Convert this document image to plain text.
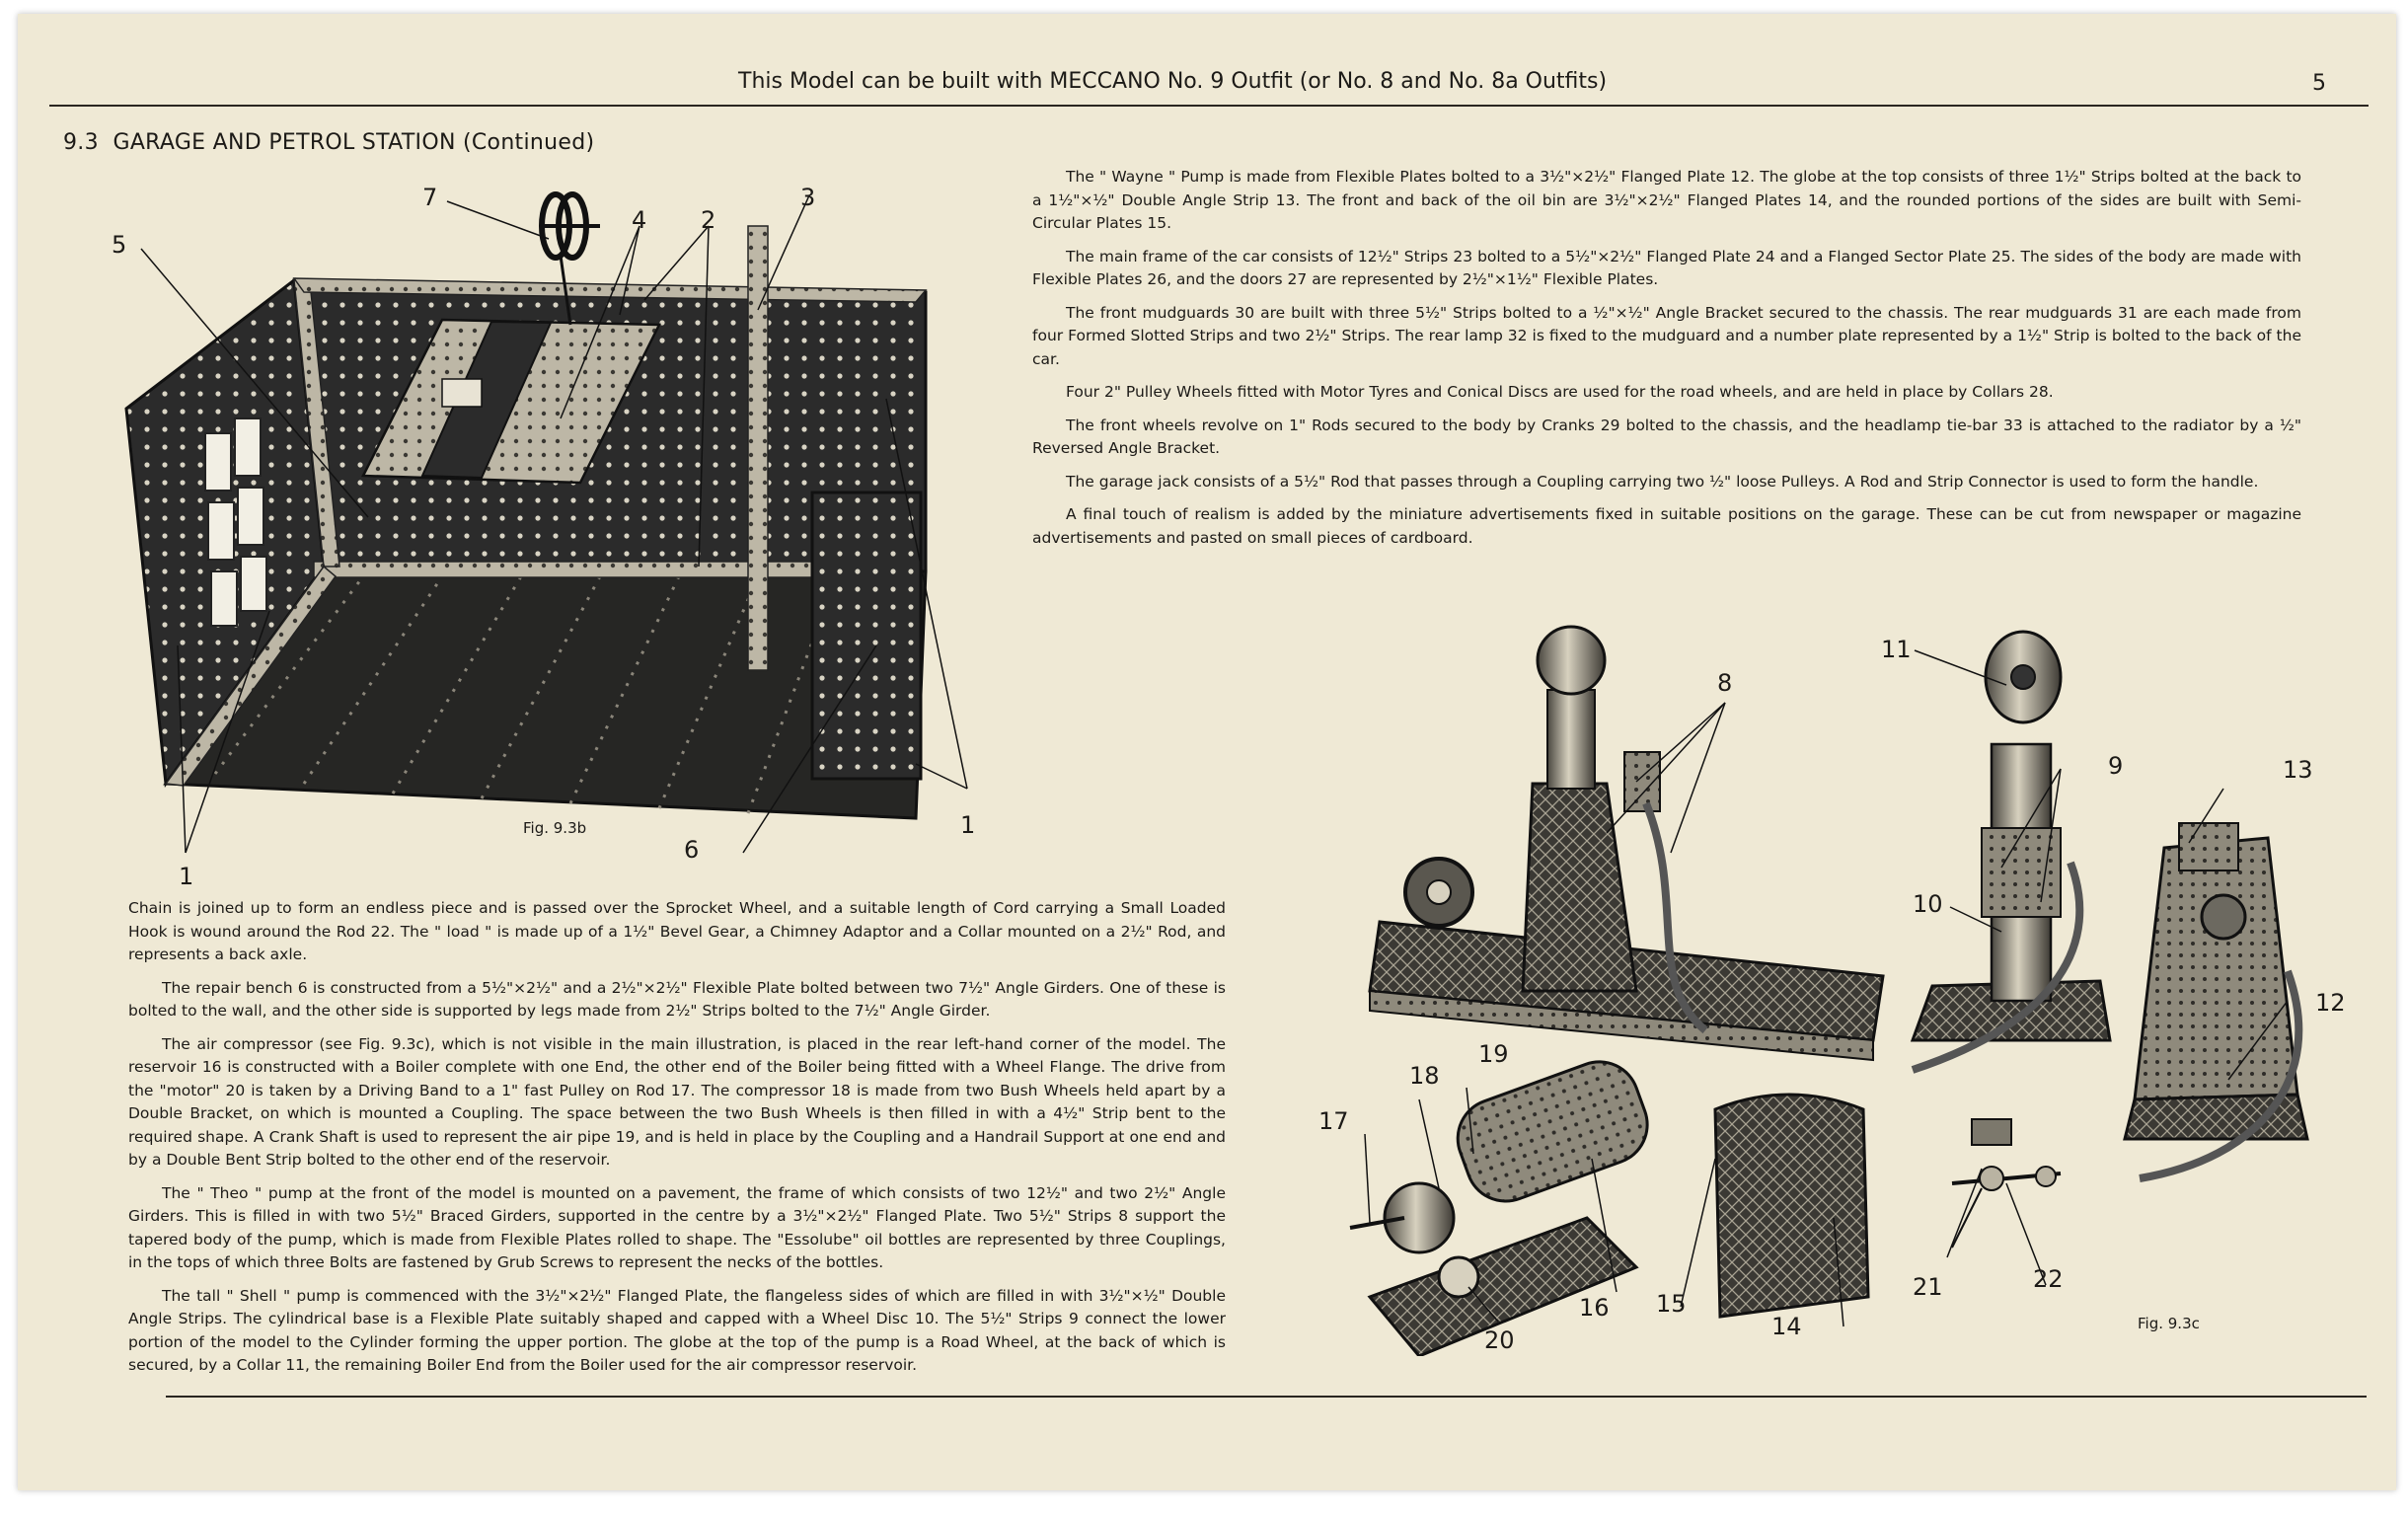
This Model can be built with MECCANO No. 9 Outfit (or No. 8 and No. 8a Outfits)	5
9.3 GARAGE AND PETROL STATION (Continued)
7
4 2
3
5
6
1
1
Fig. 9.3b

The " Wayne " Pump is made from Flexible Plates bolted to a 3½"×2½" Flanged Plate 12. The globe at the top consists of three 1½" Strips bolted at the back to a 1½"×½" Double Angle Strip 13. The front and back of the oil bin are 3½"×2½" Flanged Plates 14, and the rounded portions of the sides are built with Semi-Circular Plates 15.

The main frame of the car consists of 12½" Strips 23 bolted to a 5½"×2½" Flanged Plate 24 and a Flanged Sector Plate 25. The sides of the body are made with Flexible Plates 26, and the doors 27 are represented by 2½"×1½" Flexible Plates.

The front mudguards 30 are built with three 5½" Strips bolted to a ½"×½" Angle Bracket secured to the chassis. The rear mudguards 31 are each made from four Formed Slotted Strips and two 2½" Strips. The rear lamp 32 is fixed to the mudguard and a number plate represented by a 1½" Strip is bolted to the back of the car.

Four 2" Pulley Wheels fitted with Motor Tyres and Conical Discs are used for the road wheels, and are held in place by Collars 28.

The front wheels revolve on 1" Rods secured to the body by Cranks 29 bolted to the chassis, and the headlamp tie-bar 33 is attached to the radiator by a ½" Reversed Angle Bracket.

The garage jack consists of a 5½" Rod that passes through a Coupling carrying two ½" loose Pulleys. A Rod and Strip Connector is used to form the handle.

A final touch of realism is added by the miniature advertisements fixed in suitable positions on the garage. These can be cut from newspaper or magazine advertisements and pasted on small pieces of cardboard.

8
11
9	13
10
12
19
18
17
16 15
14
20
21	22
Fig. 9.3c

Chain is joined up to form an endless piece and is passed over the Sprocket Wheel, and a suitable length of Cord carrying a Small Loaded Hook is wound around the Rod 22. The " load " is made up of a 1½" Bevel Gear, a Chimney Adaptor and a Collar mounted on a 2½" Rod, and represents a back axle.

The repair bench 6 is constructed from a 5½"×2½" and a 2½"×2½" Flexible Plate bolted between two 7½" Angle Girders. One of these is bolted to the wall, and the other side is supported by legs made from 2½" Strips bolted to the 7½" Angle Girder.

The air compressor (see Fig. 9.3c), which is not visible in the main illustration, is placed in the rear left-hand corner of the model. The reservoir 16 is constructed with a Boiler complete with one End, the other end of the Boiler being fitted with a Wheel Flange. The drive from the "motor" 20 is taken by a Driving Band to a 1" fast Pulley on Rod 17. The compressor 18 is made from two Bush Wheels held apart by a Double Bracket, on which is mounted a Coupling. The space between the two Bush Wheels is then filled in with a 4½" Strip bent to the required shape. A Crank Shaft is used to represent the air pipe 19, and is held in place by the Coupling and a Handrail Support at one end and by a Double Bent Strip bolted to the other end of the reservoir.

The " Theo " pump at the front of the model is mounted on a pavement, the frame of which consists of two 12½" and two 2½" Angle Girders. This is filled in with two 5½" Braced Girders, supported in the centre by a 3½"×2½" Flanged Plate. Two 5½" Strips 8 support the tapered body of the pump, which is made from Flexible Plates rolled to shape. The "Essolube" oil bottles are represented by three Couplings, in the tops of which three Bolts are fastened by Grub Screws to represent the necks of the bottles.

The tall " Shell " pump is commenced with the 3½"×2½" Flanged Plate, the flangeless sides of which are filled in with 3½"×½" Double Angle Strips. The cylindrical base is a Flexible Plate suitably shaped and capped with a Wheel Disc 10. The 5½" Strips 9 connect the lower portion of the model to the Cylinder forming the upper portion. The globe at the top of the pump is a Road Wheel, at the back of which is secured, by a Collar 11, the remaining Boiler End from the Boiler used for the air compressor reservoir.
